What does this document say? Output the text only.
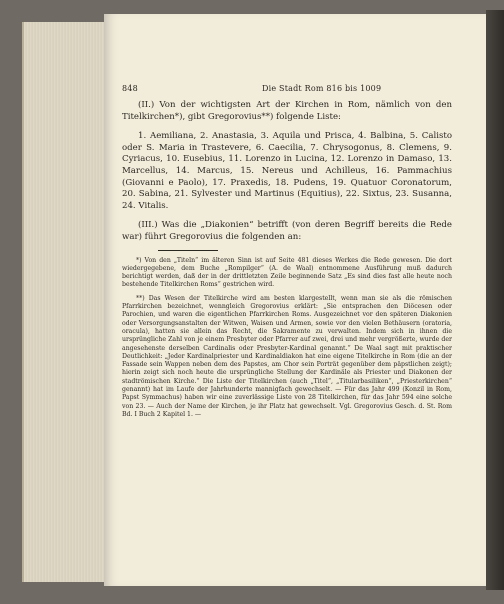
848	Die Stadt Rom 816 bis 1009

(II.) Von der wichtigsten Art der Kirchen in Rom, nämlich von den Titelkirchen*), gibt Gregorovius**) folgende Liste:

1. Aemiliana, 2. Anastasia, 3. Aquila und Prisca, 4. Balbina, 5. Calisto oder S. Maria in Trastevere, 6. Caecilia, 7. Chrysogonus, 8. Clemens, 9. Cyriacus, 10. Eusebius, 11. Lorenzo in Lucina, 12. Lorenzo in Damaso, 13. Marcellus, 14. Marcus, 15. Nereus und Achilleus, 16. Pammachius (Giovanni e Paolo), 17. Praxedis, 18. Pudens, 19. Quatuor Coronatorum, 20. Sabina, 21. Sylvester und Martinus (Equitius), 22. Sixtus, 23. Susanna, 24. Vitalis.

(III.) Was die „Diakonien“ betrifft (von deren Begriff bereits die Rede war) führt Gregorovius die folgenden an:

*) Von den „Titeln“ im älteren Sinn ist auf Seite 481 dieses Werkes die Rede gewesen. Die dort wiedergegebene, dem Buche „Rompilger“ (A. de Waal) entnommene Ausführung muß dadurch berichtigt werden, daß der in der drittletzten Zeile beginnende Satz „Es sind dies fast alle heute noch bestehende Titelkirchen Roms“ gestrichen wird.

**) Das Wesen der Titelkirche wird am besten klargestellt, wenn man sie als die römischen Pfarrkirchen bezeichnet, wenngleich Gregorovius erklärt: „Sie entsprachen den Diöcesen oder Parochien, und waren die eigentlichen Pfarrkirchen Roms. Ausgezeichnet vor den späteren Diakonien oder Versorgungsanstalten der Witwen, Waisen und Armen, sowie vor den vielen Bethäusern (oratoria, oracula), hatten sie allein das Recht, die Sakramente zu verwalten. Indem sich in ihnen die ursprüngliche Zahl von je einem Presbyter oder Pfarrer auf zwei, drei und mehr vergrößerte, wurde der angesehenste derselben Cardinalis oder Presbyter-Kardinal genannt.“ De Waal sagt mit praktischer Deutlichkeit: „Jeder Kardinalpriester und Kardinaldiakon hat eine eigene Titelkirche in Rom (die an der Fassade sein Wappen neben dem des Papstes, am Chor sein Porträt gegenüber dem päpstlichen zeigt); hierin zeigt sich noch heute die ursprüngliche Stellung der Kardinäle als Priester und Diakonen der stadtrömischen Kirche.“ Die Liste der Titelkirchen (auch „Titel“, „Titularbasiliken“, „Priesterkirchen“ genannt) hat im Laufe der Jahrhunderte mannigfach gewechselt. — Für das Jahr 499 (Konzil in Rom, Papst Symmachus) haben wir eine zuverlässige Liste von 28 Titelkirchen, für das Jahr 594 eine solche von 23. — Auch der Name der Kirchen, je ihr Platz hat gewechselt. Vgl. Gregorovius Gesch. d. St. Rom Bd. I Buch 2 Kapitel 1. —
